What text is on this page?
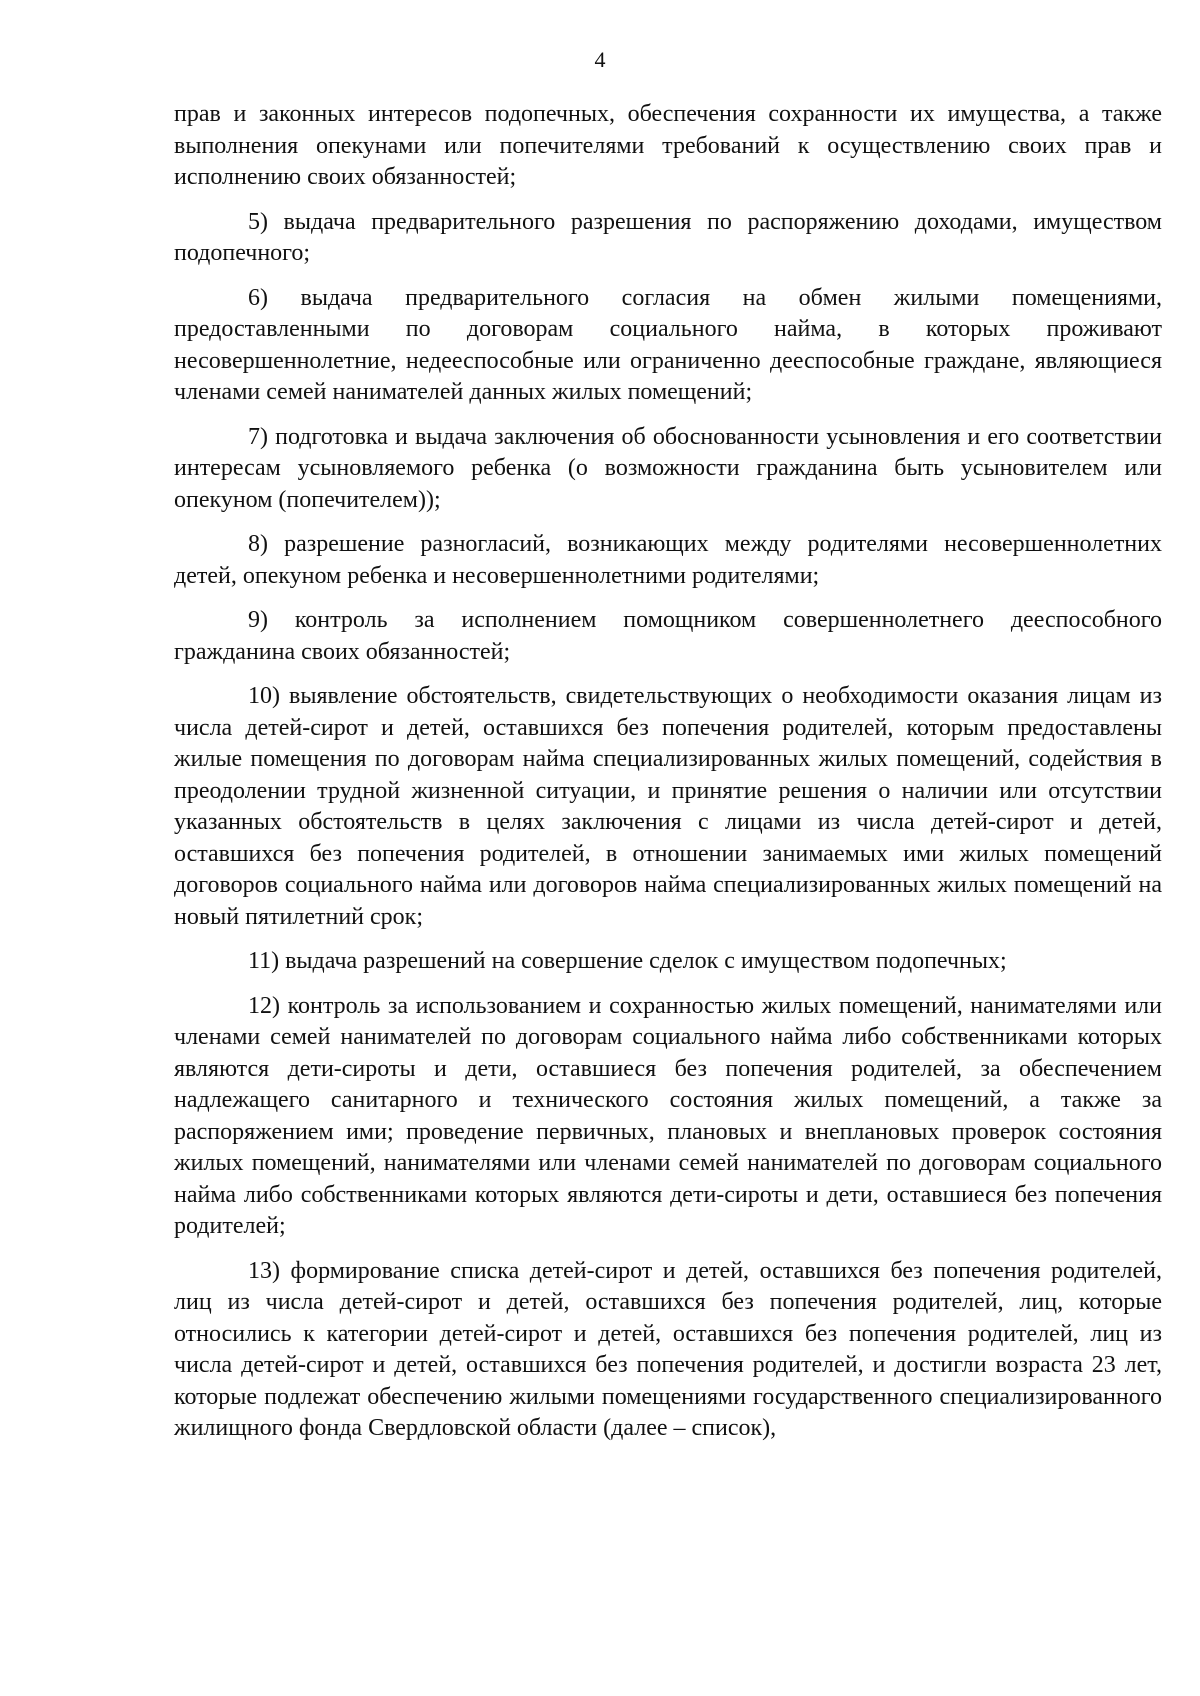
4

прав и законных интересов подопечных, обеспечения сохранности их имущества, а также выполнения опекунами или попечителями требований к осуществлению своих прав и исполнению своих обязанностей;

5) выдача предварительного разрешения по распоряжению доходами, имуществом подопечного;

6) выдача предварительного согласия на обмен жилыми помещениями, предоставленными по договорам социального найма, в которых проживают несовершеннолетние, недееспособные или ограниченно дееспособные граждане, являющиеся членами семей нанимателей данных жилых помещений;

7) подготовка и выдача заключения об обоснованности усыновления и его соответствии интересам усыновляемого ребенка (о возможности гражданина быть усыновителем или опекуном (попечителем));

8) разрешение разногласий, возникающих между родителями несовершеннолетних детей, опекуном ребенка и несовершеннолетними родителями;

9) контроль за исполнением помощником совершеннолетнего дееспособного гражданина своих обязанностей;

10) выявление обстоятельств, свидетельствующих о необходимости оказания лицам из числа детей-сирот и детей, оставшихся без попечения родителей, которым предоставлены жилые помещения по договорам найма специализированных жилых помещений, содействия в преодолении трудной жизненной ситуации, и принятие решения о наличии или отсутствии указанных обстоятельств в целях заключения с лицами из числа детей-сирот и детей, оставшихся без попечения родителей, в отношении занимаемых ими жилых помещений договоров социального найма или договоров найма специализированных жилых помещений на новый пятилетний срок;

11) выдача разрешений на совершение сделок с имуществом подопечных;

12) контроль за использованием и сохранностью жилых помещений, нанимателями или членами семей нанимателей по договорам социального найма либо собственниками которых являются дети-сироты и дети, оставшиеся без попечения родителей, за обеспечением надлежащего санитарного и технического состояния жилых помещений, а также за распоряжением ими; проведение первичных, плановых и внеплановых проверок состояния жилых помещений, нанимателями или членами семей нанимателей по договорам социального найма либо собственниками которых являются дети-сироты и дети, оставшиеся без попечения родителей;

13) формирование списка детей-сирот и детей, оставшихся без попечения родителей, лиц из числа детей-сирот и детей, оставшихся без попечения родителей, лиц, которые относились к категории детей-сирот и детей, оставшихся без попечения родителей, лиц из числа детей-сирот и детей, оставшихся без попечения родителей, и достигли возраста 23 лет, которые подлежат обеспечению жилыми помещениями государственного специализированного жилищного фонда Свердловской области (далее – список),
